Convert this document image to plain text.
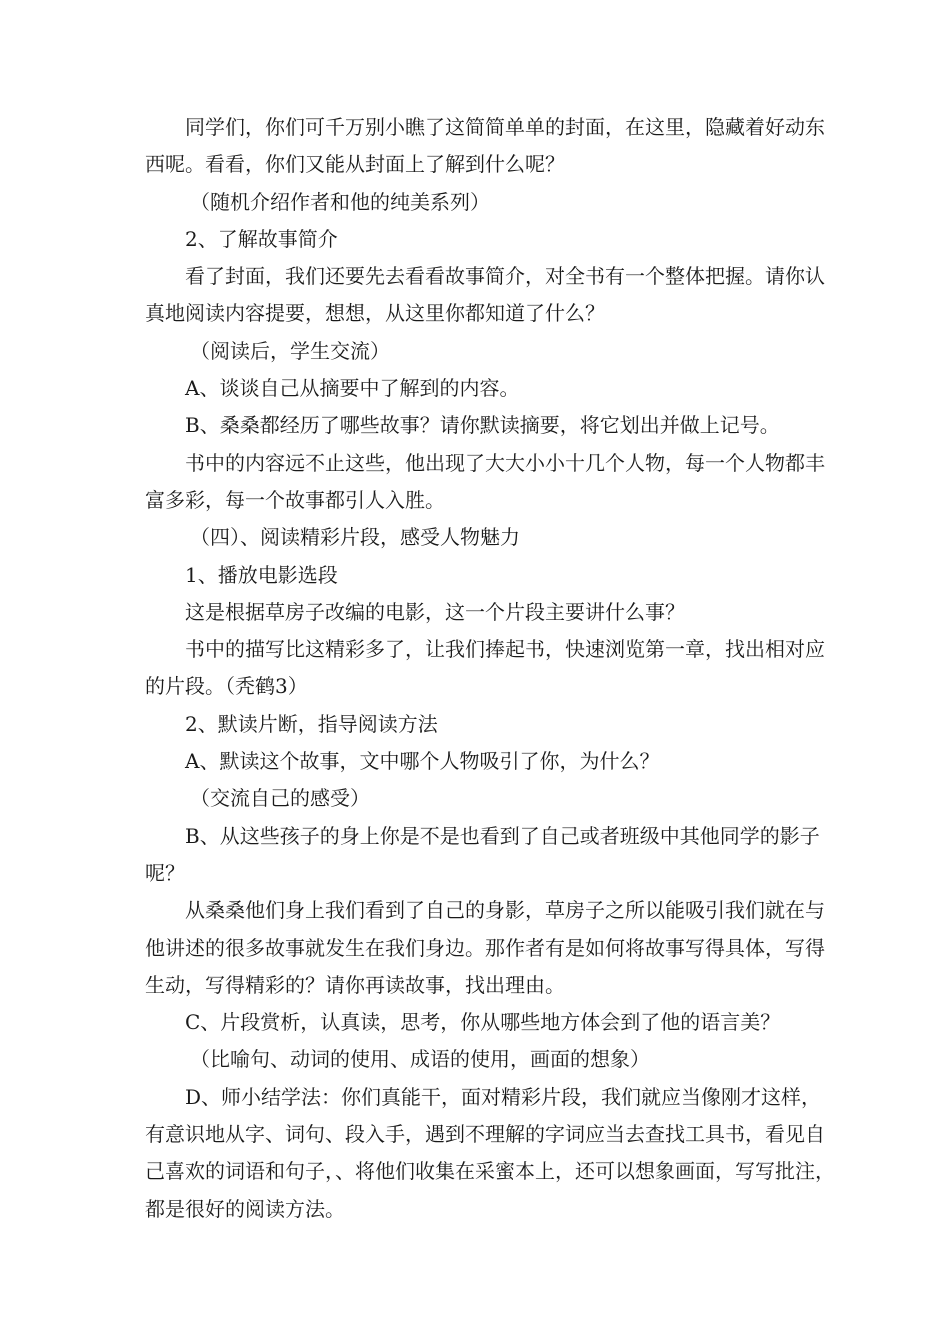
同学们，你们可千万别小瞧了这简简单单的封面，在这里，隐藏着好动东西呢。看看，你们又能从封面上了解到什么呢？

（随机介绍作者和他的纯美系列）

2、了解故事简介

看了封面，我们还要先去看看故事简介，对全书有一个整体把握。请你认真地阅读内容提要，想想，从这里你都知道了什么？

（阅读后，学生交流）

A、谈谈自己从摘要中了解到的内容。

B、桑桑都经历了哪些故事？请你默读摘要，将它划出并做上记号。

书中的内容远不止这些，他出现了大大小小十几个人物，每一个人物都丰富多彩，每一个故事都引人入胜。

（四）、阅读精彩片段，感受人物魅力

1、播放电影选段

这是根据草房子改编的电影，这一个片段主要讲什么事？

书中的描写比这精彩多了，让我们捧起书，快速浏览第一章，找出相对应的片段。（秃鹤3）

2、默读片断，指导阅读方法

A、默读这个故事，文中哪个人物吸引了你，为什么？

（交流自己的感受）

B、从这些孩子的身上你是不是也看到了自己或者班级中其他同学的影子呢？

从桑桑他们身上我们看到了自己的身影，草房子之所以能吸引我们就在与他讲述的很多故事就发生在我们身边。那作者有是如何将故事写得具体，写得生动，写得精彩的？请你再读故事，找出理由。

C、片段赏析，认真读，思考，你从哪些地方体会到了他的语言美？

（比喻句、动词的使用、成语的使用，画面的想象）

D、师小结学法：你们真能干，面对精彩片段，我们就应当像刚才这样，有意识地从字、词句、段入手，遇到不理解的字词应当去查找工具书，看见自己喜欢的词语和句子，、将他们收集在采蜜本上，还可以想象画面，写写批注，都是很好的阅读方法。
